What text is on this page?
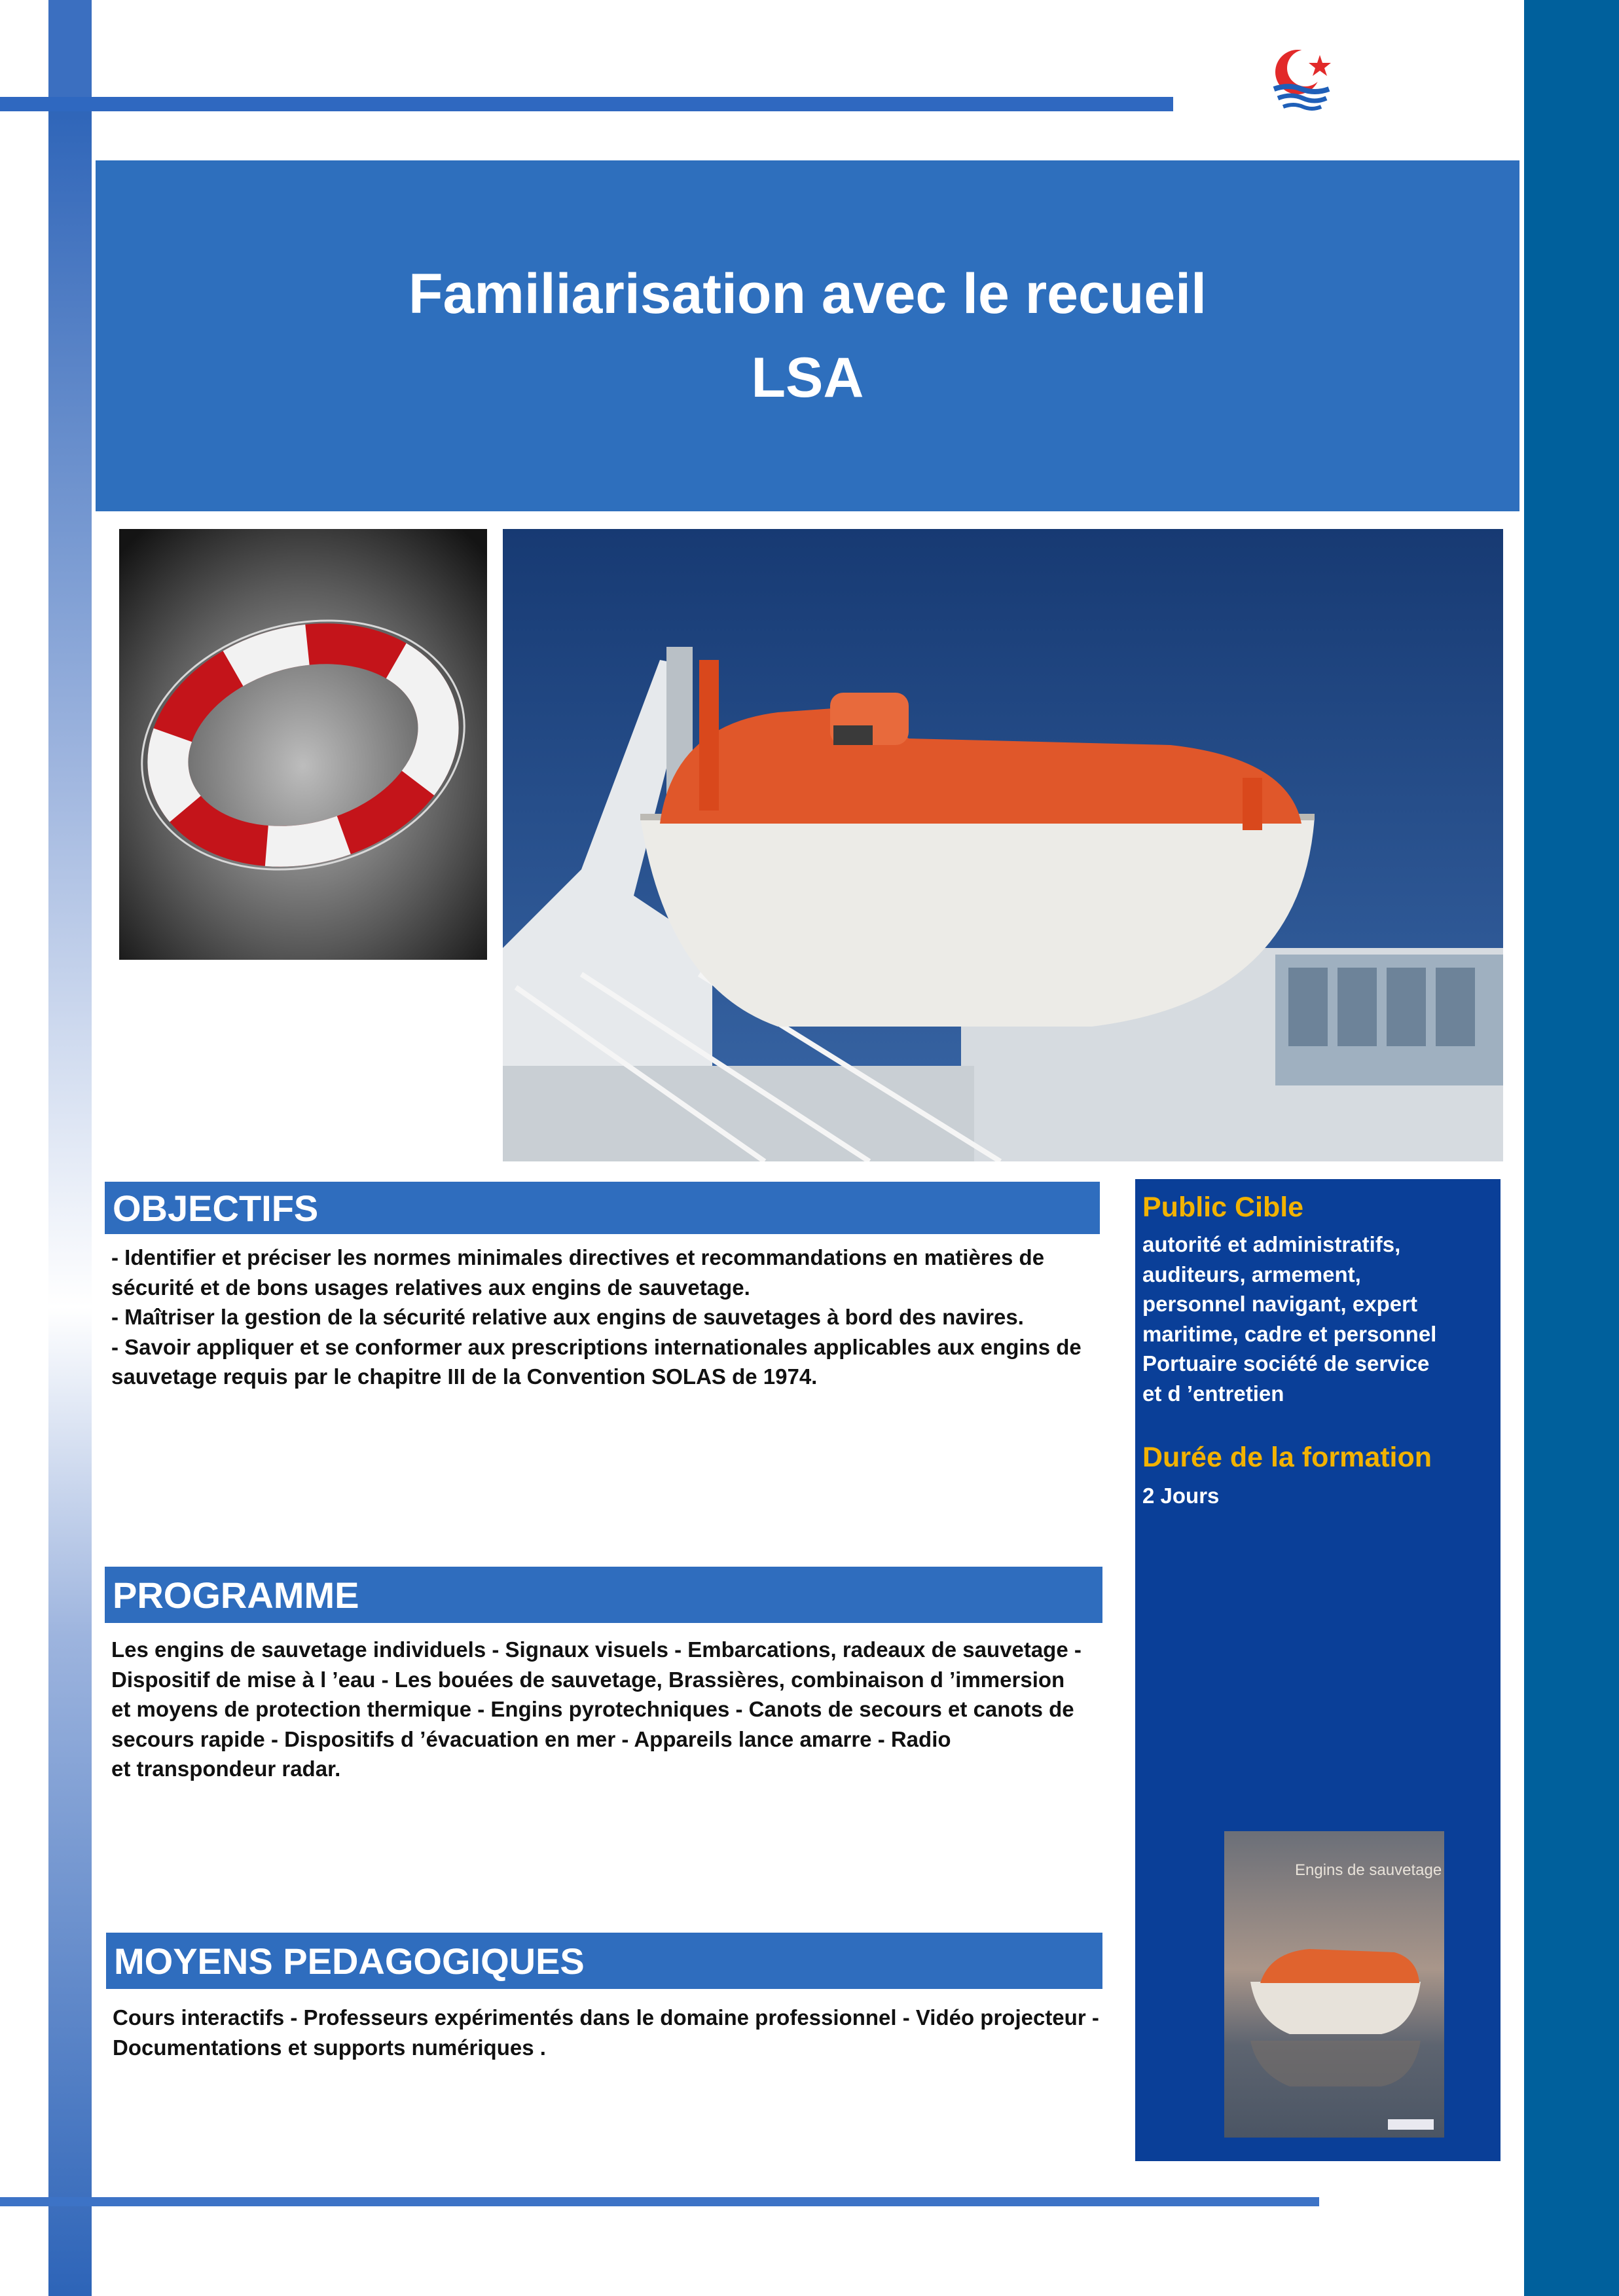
Familiarisation avec le recueil
LSA
OBJECTIFS

- Identifier et préciser les normes minimales directives et recommandations en matières de

sécurité et de bons usages relatives aux engins de sauvetage.

- Maîtriser la gestion de la sécurité relative aux engins de sauvetages à bord des navires.

- Savoir appliquer et se conformer aux prescriptions internationales applicables aux engins de

sauvetage requis par le chapitre III de la Convention SOLAS de 1974.

PROGRAMME

Les engins de sauvetage individuels - Signaux visuels - Embarcations, radeaux de sauvetage -

Dispositif de mise à l ’eau - Les bouées de sauvetage, Brassières, combinaison d ’immersion

et moyens de protection thermique - Engins pyrotechniques - Canots de secours et canots de

secours rapide - Dispositifs d ’évacuation en mer - Appareils lance amarre - Radio

et transpondeur radar.

MOYENS PEDAGOGIQUES

Cours interactifs - Professeurs expérimentés dans le domaine professionnel - Vidéo projecteur -

Documentations et supports numériques .

Public Cible
autorité et administratifs,
auditeurs, armement,
personnel navigant, expert
maritime, cadre et personnel
Portuaire société de service
et d ’entretien
Durée de la formation
2 Jours
Engins de sauvetage
